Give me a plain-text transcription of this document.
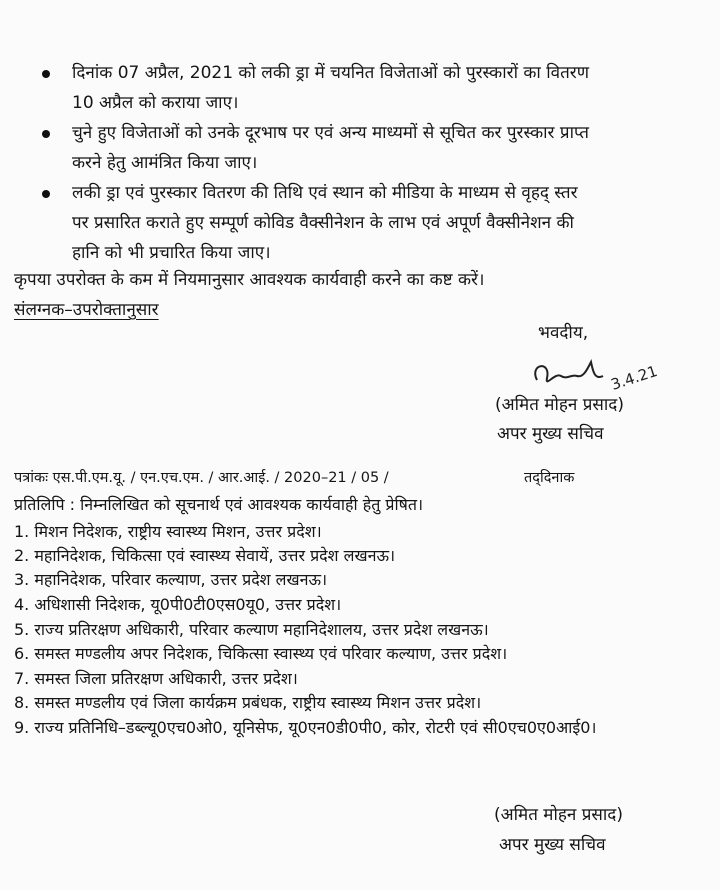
दिनांक 07 अप्रैल, 2021 को लकी ड्रा में चयनित विजेताओं को पुरस्कारों का वितरण
10 अप्रैल को कराया जाए।
चुने हुए विजेताओं को उनके दूरभाष पर एवं अन्य माध्यमों से सूचित कर पुरस्कार प्राप्त
करने हेतु आमंत्रित किया जाए।
लकी ड्रा एवं पुरस्कार वितरण की तिथि एवं स्थान को मीडिया के माध्यम से वृहद् स्तर
पर प्रसारित कराते हुए सम्पूर्ण कोविड वैक्सीनेशन के लाभ एवं अपूर्ण वैक्सीनेशन की
हानि को भी प्रचारित किया जाए।
कृपया उपरोक्त के कम में नियमानुसार आवश्यक कार्यवाही करने का कष्ट करें।
संलग्नक–उपरोक्तानुसार
भवदीय,
3.4.21
(अमित मोहन प्रसाद)
अपर मुख्य सचिव
पत्रांकः एस.पी.एम.यू. / एन.एच.एम. / आर.आई. / 2020–21 / 05 /	तद्‌दिनाक
प्रतिलिपि : निम्नलिखित को सूचनार्थ एवं आवश्यक कार्यवाही हेतु प्रेषित।
1. मिशन निदेशक, राष्ट्रीय स्वास्थ्य मिशन, उत्तर प्रदेश।
2. महानिदेशक, चिकित्सा एवं स्वास्थ्य सेवायें, उत्तर प्रदेश लखनऊ।
3. महानिदेशक, परिवार कल्याण, उत्तर प्रदेश लखनऊ।
4. अधिशासी निदेशक, यू0पी0टी0एस0यू0, उत्तर प्रदेश।
5. राज्य प्रतिरक्षण अधिकारी, परिवार कल्याण महानिदेशालय, उत्तर प्रदेश लखनऊ।
6. समस्त मण्डलीय अपर निदेशक, चिकित्सा स्वास्थ्य एवं परिवार कल्याण, उत्तर प्रदेश।
7. समस्त जिला प्रतिरक्षण अधिकारी, उत्तर प्रदेश।
8. समस्त मण्डलीय एवं जिला कार्यक्रम प्रबंधक, राष्ट्रीय स्वास्थ्य मिशन उत्तर प्रदेश।
9. राज्य प्रतिनिधि–डब्ल्यू0एच0ओ0, यूनिसेफ, यू0एन0डी0पी0, कोर, रोटरी एवं सी0एच0ए0आई0।
(अमित मोहन प्रसाद)
अपर मुख्य सचिव
